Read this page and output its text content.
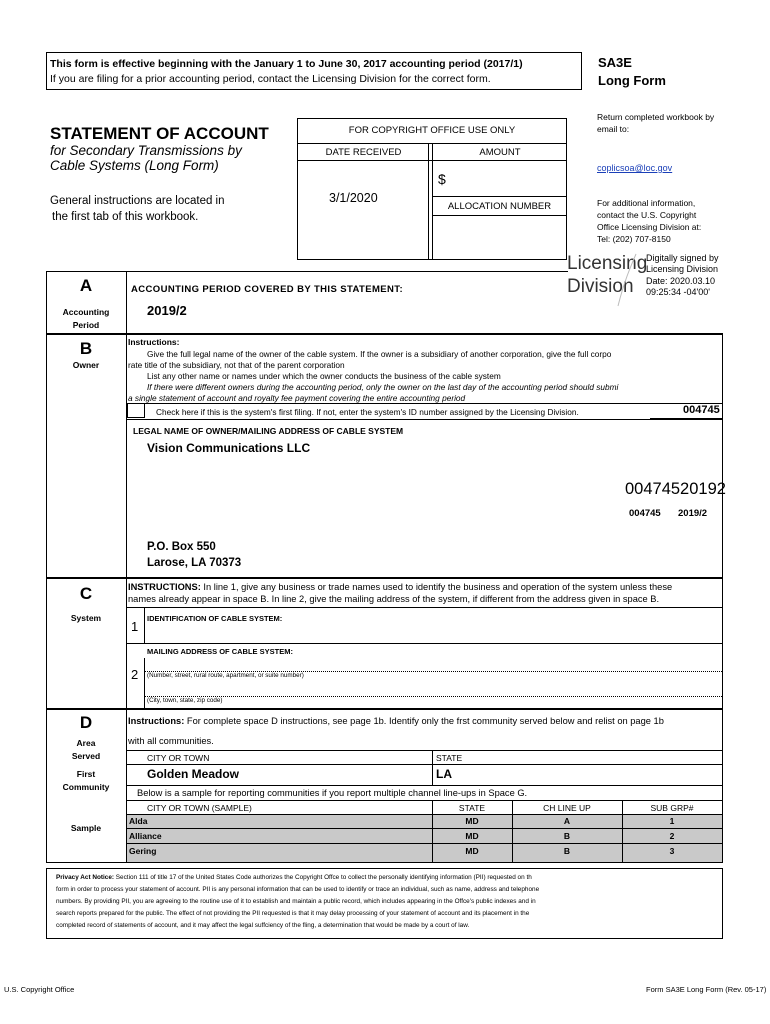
This form is effective beginning with the January 1 to June 30, 2017 accounting period (2017/1)
If you are filing for a prior accounting period, contact the Licensing Division for the correct form.
SA3E
Long Form
STATEMENT OF ACCOUNT
for Secondary Transmissions by
Cable Systems (Long Form)
General instructions are located in
the first tab of this workbook.
FOR COPYRIGHT OFFICE USE ONLY
DATE RECEIVED	AMOUNT
3/1/2020
$
ALLOCATION NUMBER
Return completed workbook by
email to:
coplicsoa@loc.gov
For additional information,
contact the U.S. Copyright
Office Licensing Division at:
Tel: (202) 707-8150
Licensing
Division
Digitally signed by
Licensing Division
Date: 2020.03.10
09:25:34 -04'00'
A
Accounting
Period
ACCOUNTING PERIOD COVERED BY THIS STATEMENT:
2019/2
B
Owner
Instructions:
Give the full legal name of the owner of the cable system. If the owner is a subsidiary of another corporation, give the full corpo
rate title of the subsidiary, not that of the parent corporation
List any other name or names under which the owner conducts the business of the cable system
If there were different owners during the accounting period, only the owner on the last day of the accounting period should submi
a single statement of account and royalty fee payment covering the entire accounting period
Check here if this is the system's first filing. If not, enter the system's ID number assigned by the Licensing Division.	004745
LEGAL NAME OF OWNER/MAILING ADDRESS OF CABLE SYSTEM
Vision Communications LLC
00474520192
004745 2019/2
P.O. Box 550
Larose, LA 70373
C
System
INSTRUCTIONS: In line 1, give any business or trade names used to identify the business and operation of the system unless these
names already appear in space B. In line 2, give the mailing address of the system, if different from the address given in space B.
1
IDENTIFICATION OF CABLE SYSTEM:
MAILING ADDRESS OF CABLE SYSTEM:
2 (Number, street, rural route, apartment, or suite number)
(City, town, state, zip code)
D
Area
Served
First
Community
Sample
Instructions: For complete space D instructions, see page 1b. Identify only the frst community served below and relist on page 1b
with all communities.
CITY OR TOWN	STATE
Golden Meadow	LA
Below is a sample for reporting communities if you report multiple channel line-ups in Space G.
CITY OR TOWN (SAMPLE)	STATE	CH LINE UP	SUB GRP#
Alda	MD	A	1
Alliance	MD	B	2
Gering	MD	B	3
Privacy Act Notice: Section 111 of title 17 of the United States Code authorizes the Copyright Offce to collect the personally identifying information (PII) requested on th
form in order to process your statement of account. PII is any personal information that can be used to identify or trace an individual, such as name, address and telephone
numbers. By providing PII, you are agreeing to the routine use of it to establish and maintain a public record, which includes appearing in the Offce's public indexes and in
search reports prepared for the public. The effect of not providing the PII requested is that it may delay processing of your statement of account and its placement in the
completed record of statements of account, and it may affect the legal suffciency of the fling, a determination that would be made by a court of law.
U.S. Copyright Office	Form SA3E Long Form (Rev. 05-17)
